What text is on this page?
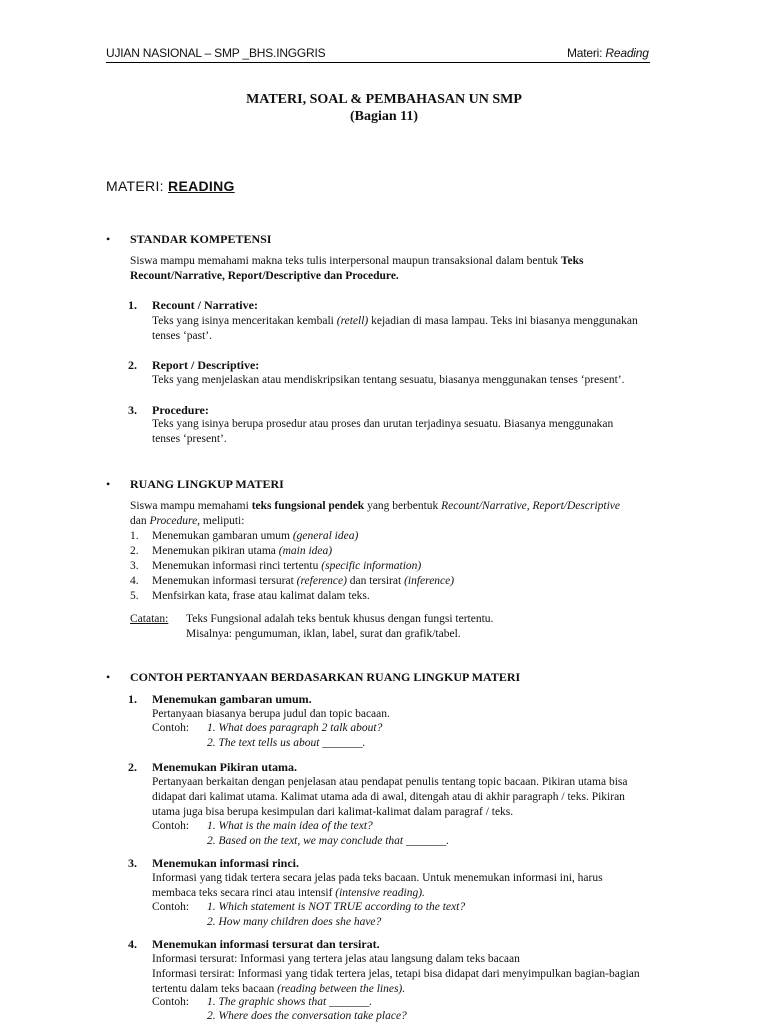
UJIAN NASIONAL – SMP _BHS.INGGRIS	Materi: Reading
MATERI, SOAL & PEMBAHASAN UN SMP
(Bagian 11)
MATERI: READING
• STANDAR KOMPETENSI
Siswa mampu memahami makna teks tulis interpersonal maupun transaksional dalam bentuk Teks
Recount/Narrative, Report/Descriptive dan Procedure.
1. Recount / Narrative:
Teks yang isinya menceritakan kembali (retell) kejadian di masa lampau. Teks ini biasanya menggunakan
tenses ‘past’.
2. Report / Descriptive:
Teks yang menjelaskan atau mendiskripsikan tentang sesuatu, biasanya menggunakan tenses ‘present’.
3. Procedure:
Teks yang isinya berupa prosedur atau proses dan urutan terjadinya sesuatu. Biasanya menggunakan
tenses ‘present’.
• RUANG LINGKUP MATERI
Siswa mampu memahami teks fungsional pendek yang berbentuk Recount/Narrative, Report/Descriptive
dan Procedure, meliputi:
1. Menemukan gambaran umum (general idea)
2. Menemukan pikiran utama (main idea)
3. Menemukan informasi rinci tertentu (specific information)
4. Menemukan informasi tersurat (reference) dan tersirat (inference)
5. Menfsirkan kata, frase atau kalimat dalam teks.
Catatan: Teks Fungsional adalah teks bentuk khusus dengan fungsi tertentu.
Misalnya: pengumuman, iklan, label, surat dan grafik/tabel.
• CONTOH PERTANYAAN BERDASARKAN RUANG LINGKUP MATERI
1. Menemukan gambaran umum.
Pertanyaan biasanya berupa judul dan topic bacaan.
Contoh: 1. What does paragraph 2 talk about?
2. The text tells us about _______.
2. Menemukan Pikiran utama.
Pertanyaan berkaitan dengan penjelasan atau pendapat penulis tentang topic bacaan. Pikiran utama bisa
didapat dari kalimat utama. Kalimat utama ada di awal, ditengah atau di akhir paragraph / teks. Pikiran
utama juga bisa berupa kesimpulan dari kalimat-kalimat dalam paragraf / teks.
Contoh: 1. What is the main idea of the text?
2. Based on the text, we may conclude that _______.
3. Menemukan informasi rinci.
Informasi yang tidak tertera secara jelas pada teks bacaan. Untuk menemukan informasi ini, harus
membaca teks secara rinci atau intensif (intensive reading).
Contoh: 1. Which statement is NOT TRUE according to the text?
2. How many children does she have?
4. Menemukan informasi tersurat dan tersirat.
Informasi tersurat: Informasi yang tertera jelas atau langsung dalam teks bacaan
Informasi tersirat: Informasi yang tidak tertera jelas, tetapi bisa didapat dari menyimpulkan bagian-bagian
tertentu dalam teks bacaan (reading between the lines).
Contoh: 1. The graphic shows that _______.
2. Where does the conversation take place?
